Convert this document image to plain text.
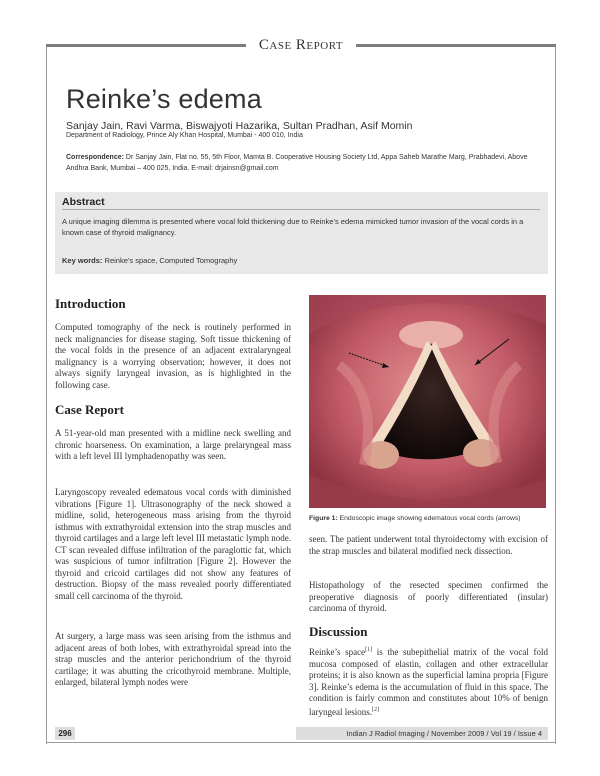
Case Report
Reinke’s edema
Sanjay Jain, Ravi Varma, Biswajyoti Hazarika, Sultan Pradhan, Asif Momin
Department of Radiology, Prince Aly Khan Hospital, Mumbai - 400 010, India
Correspondence: Dr Sanjay Jain, Flat no. 55, 5th Floor, Mamta B. Cooperative Housing Society Ltd, Appa Saheb Marathe Marg, Prabhadevi, Above Andhra Bank, Mumbai – 400 025, India. E-mail: drjainsn@gmail.com
Abstract
A unique imaging dilemma is presented where vocal fold thickening due to Reinke’s edema mimicked tumor invasion of the vocal cords in a known case of thyroid malignancy.
Key words: Reinke’s space, Computed Tomography
Introduction

Computed tomography of the neck is routinely performed in neck malignancies for disease staging. Soft tissue thickening of the vocal folds in the presence of an adjacent extralaryngeal malignancy is a worrying observation; however, it does not always signify laryngeal invasion, as is highlighted in the following case.

Case Report

A 51-year-old man presented with a midline neck swelling and chronic hoarseness. On examination, a large prelaryngeal mass with a left level III lymphadenopathy was seen.

Laryngoscopy revealed edematous vocal cords with diminished vibrations [Figure 1]. Ultrasonography of the neck showed a midline, solid, heterogeneous mass arising from the thyroid isthmus with extrathyroidal extension into the strap muscles and thyroid cartilages and a large left level III metastatic lymph node. CT scan revealed diffuse infiltration of the paraglottic fat, which was suspicious of tumor infiltration [Figure 2]. However the thyroid and cricoid cartilages did not show any features of destruction. Biopsy of the mass revealed poorly differentiated small cell carcinoma of the thyroid.

At surgery, a large mass was seen arising from the isthmus and adjacent areas of both lobes, with extrathyroidal spread into the strap muscles and the anterior perichondrium of the thyroid cartilage; it was abutting the cricothyroid membrane. Multiple, enlarged, bilateral lymph nodes were

Figure 1: Endoscopic image showing edematous vocal cords (arrows)

seen. The patient underwent total thyroidectomy with excision of the strap muscles and bilateral modified neck dissection.

Histopathology of the resected specimen confirmed the preoperative diagnosis of poorly differentiated (insular) carcinoma of thyroid.

Discussion

Reinke’s space[1] is the subepithelial matrix of the vocal fold mucosa composed of elastin, collagen and other extracellular proteins; it is also known as the superficial lamina propria [Figure 3]. Reinke’s edema is the accumulation of fluid in this space. The condition is fairly common and constitutes about 10% of benign laryngeal lesions.[2]

296	Indian J Radiol Imaging / November 2009 / Vol 19 / Issue 4
